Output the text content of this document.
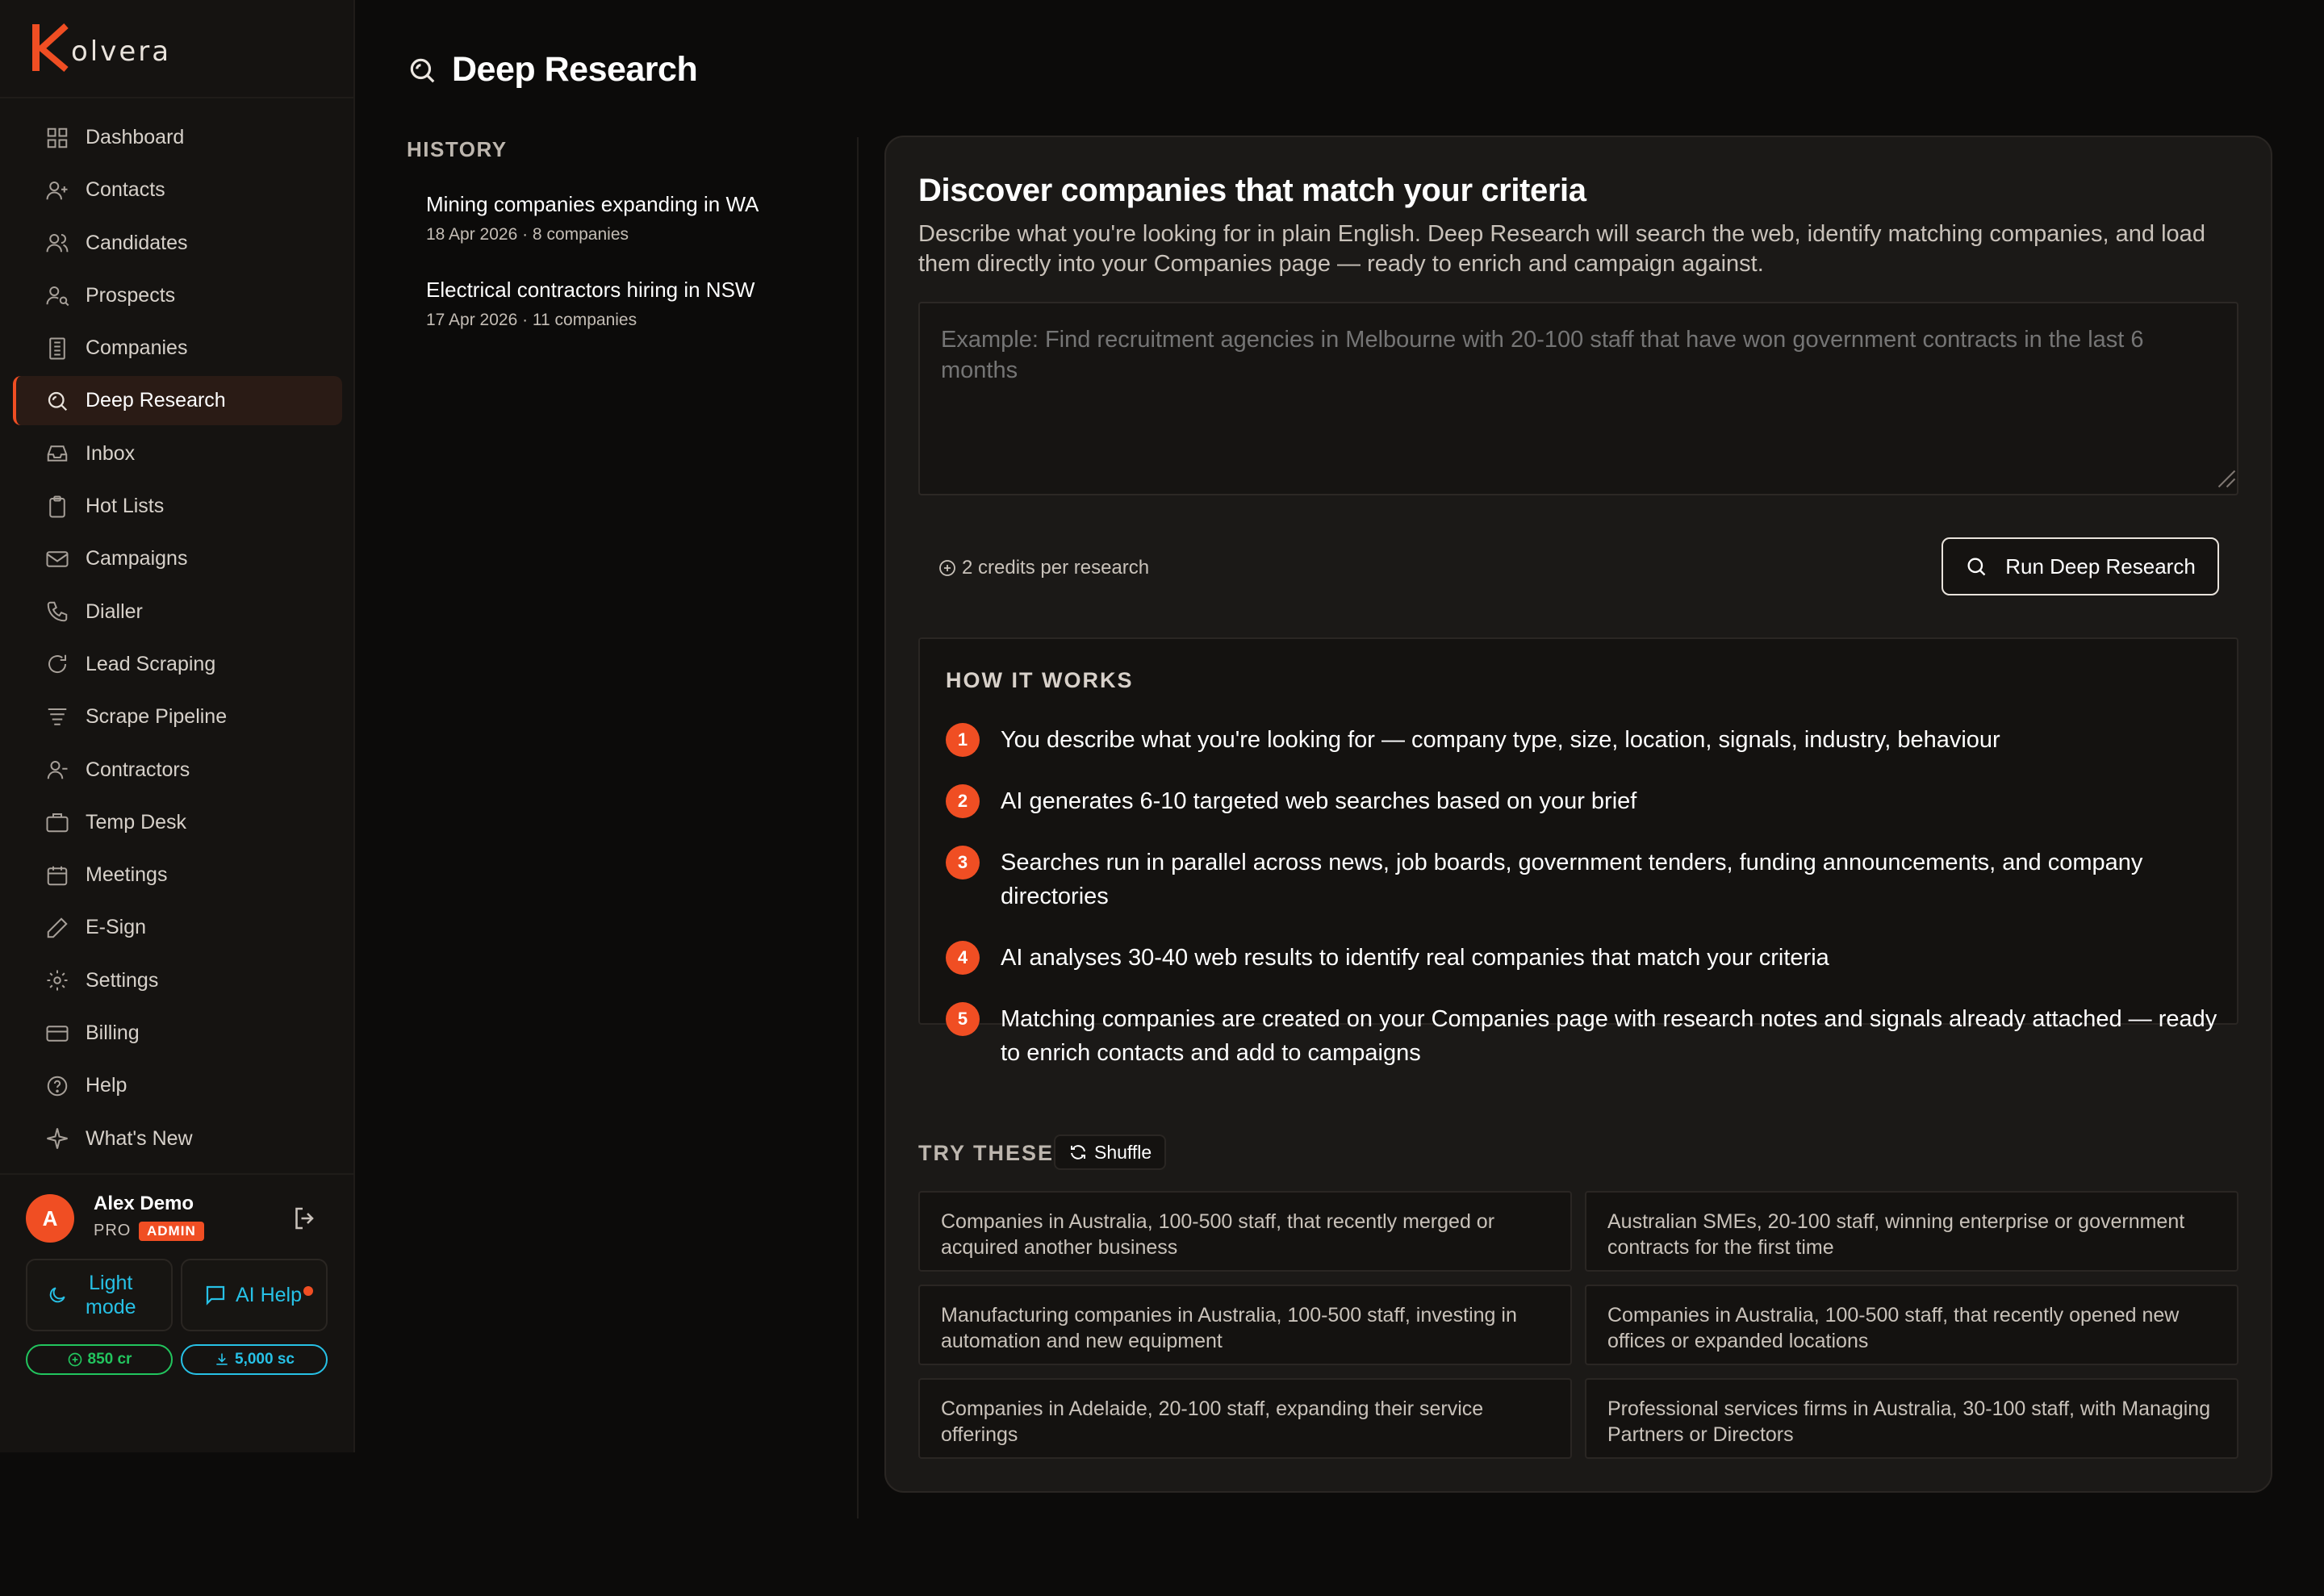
olvera
Dashboard
Contacts
Candidates
Prospects
Companies
Deep Research
Inbox
Hot Lists
Campaigns
Dialler
Lead Scraping
Scrape Pipeline
Contractors
Temp Desk
Meetings
E-Sign
Settings
Billing
Help
What's New
A
Alex Demo
PRO	ADMIN
Light
mode
AI Help
850 cr	5,000 sc
Deep Research
HISTORY
Mining companies expanding in WA
18 Apr 2026 · 8 companies
Electrical contractors hiring in NSW
17 Apr 2026 · 11 companies
Discover companies that match your criteria

Describe what you're looking for in plain English. Deep Research will search the web, identify matching companies, and load them directly into your Companies page — ready to enrich and campaign against.

Example: Find recruitment agencies in Melbourne with 20-100 staff that have won government contracts in the last 6 months
2 credits per research	Run Deep Research
HOW IT WORKS
1	You describe what you're looking for — company type, size, location, signals, industry, behaviour
2	AI generates 6-10 targeted web searches based on your brief
3	Searches run in parallel across news, job boards, government tenders, funding announcements, and company directories
4	AI analyses 30-40 web results to identify real companies that match your criteria
5	Matching companies are created on your Companies page with research notes and signals already attached — ready to enrich contacts and add to campaigns
TRY THESE Shuffle
Companies in Australia, 100-500 staff, that recently merged or acquired another business
Australian SMEs, 20-100 staff, winning enterprise or government contracts for the first time
Manufacturing companies in Australia, 100-500 staff, investing in automation and new equipment
Companies in Australia, 100-500 staff, that recently opened new offices or expanded locations
Companies in Adelaide, 20-100 staff, expanding their service offerings
Professional services firms in Australia, 30-100 staff, with Managing Partners or Directors
